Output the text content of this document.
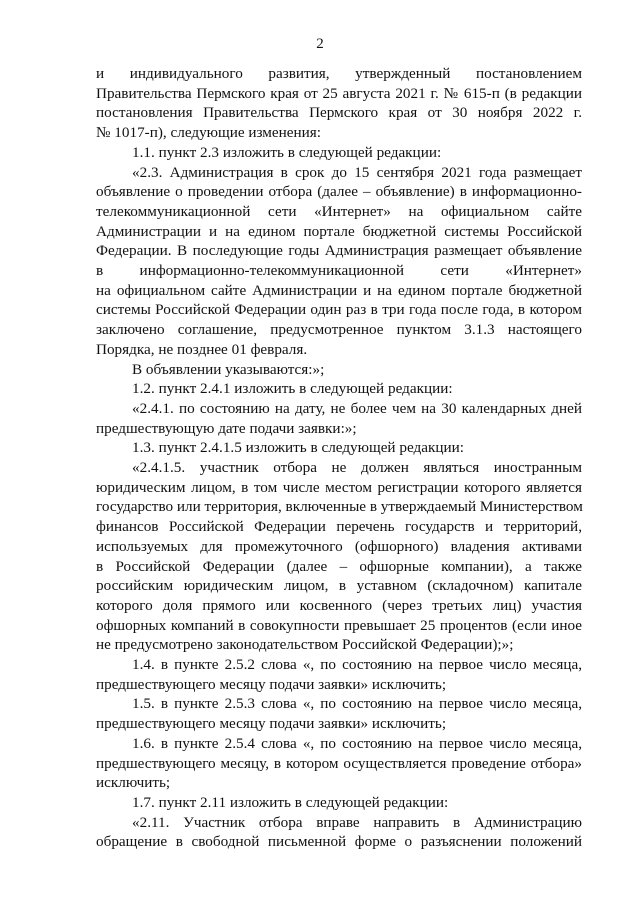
2
и индивидуального развития, утвержденный постановлением
Правительства Пермского края от 25 августа 2021 г. № 615-п (в редакции
постановления Правительства Пермского края от 30 ноября 2022 г.
№ 1017-п), следующие изменения:
1.1. пункт 2.3 изложить в следующей редакции:
«2.3. Администрация в срок до 15 сентября 2021 года размещает
объявление о проведении отбора (далее – объявление) в информационно-
телекоммуникационной сети «Интернет» на официальном сайте
Администрации и на едином портале бюджетной системы Российской
Федерации. В последующие годы Администрация размещает объявление
в информационно-телекоммуникационной сети «Интернет»
на официальном сайте Администрации и на едином портале бюджетной
системы Российской Федерации один раз в три года после года, в котором
заключено соглашение, предусмотренное пунктом 3.1.3 настоящего
Порядка, не позднее 01 февраля.
В объявлении указываются:»;
1.2. пункт 2.4.1 изложить в следующей редакции:
«2.4.1. по состоянию на дату, не более чем на 30 календарных дней
предшествующую дате подачи заявки:»;
1.3. пункт 2.4.1.5 изложить в следующей редакции:
«2.4.1.5. участник отбора не должен являться иностранным
юридическим лицом, в том числе местом регистрации которого является
государство или территория, включенные в утверждаемый Министерством
финансов Российской Федерации перечень государств и территорий,
используемых для промежуточного (офшорного) владения активами
в Российской Федерации (далее – офшорные компании), а также
российским юридическим лицом, в уставном (складочном) капитале
которого доля прямого или косвенного (через третьих лиц) участия
офшорных компаний в совокупности превышает 25 процентов (если иное
не предусмотрено законодательством Российской Федерации);»;
1.4. в пункте 2.5.2 слова «, по состоянию на первое число месяца,
предшествующего месяцу подачи заявки» исключить;
1.5. в пункте 2.5.3 слова «, по состоянию на первое число месяца,
предшествующего месяцу подачи заявки» исключить;
1.6. в пункте 2.5.4 слова «, по состоянию на первое число месяца,
предшествующего месяцу, в котором осуществляется проведение отбора»
исключить;
1.7. пункт 2.11 изложить в следующей редакции:
«2.11. Участник отбора вправе направить в Администрацию
обращение в свободной письменной форме о разъяснении положений
